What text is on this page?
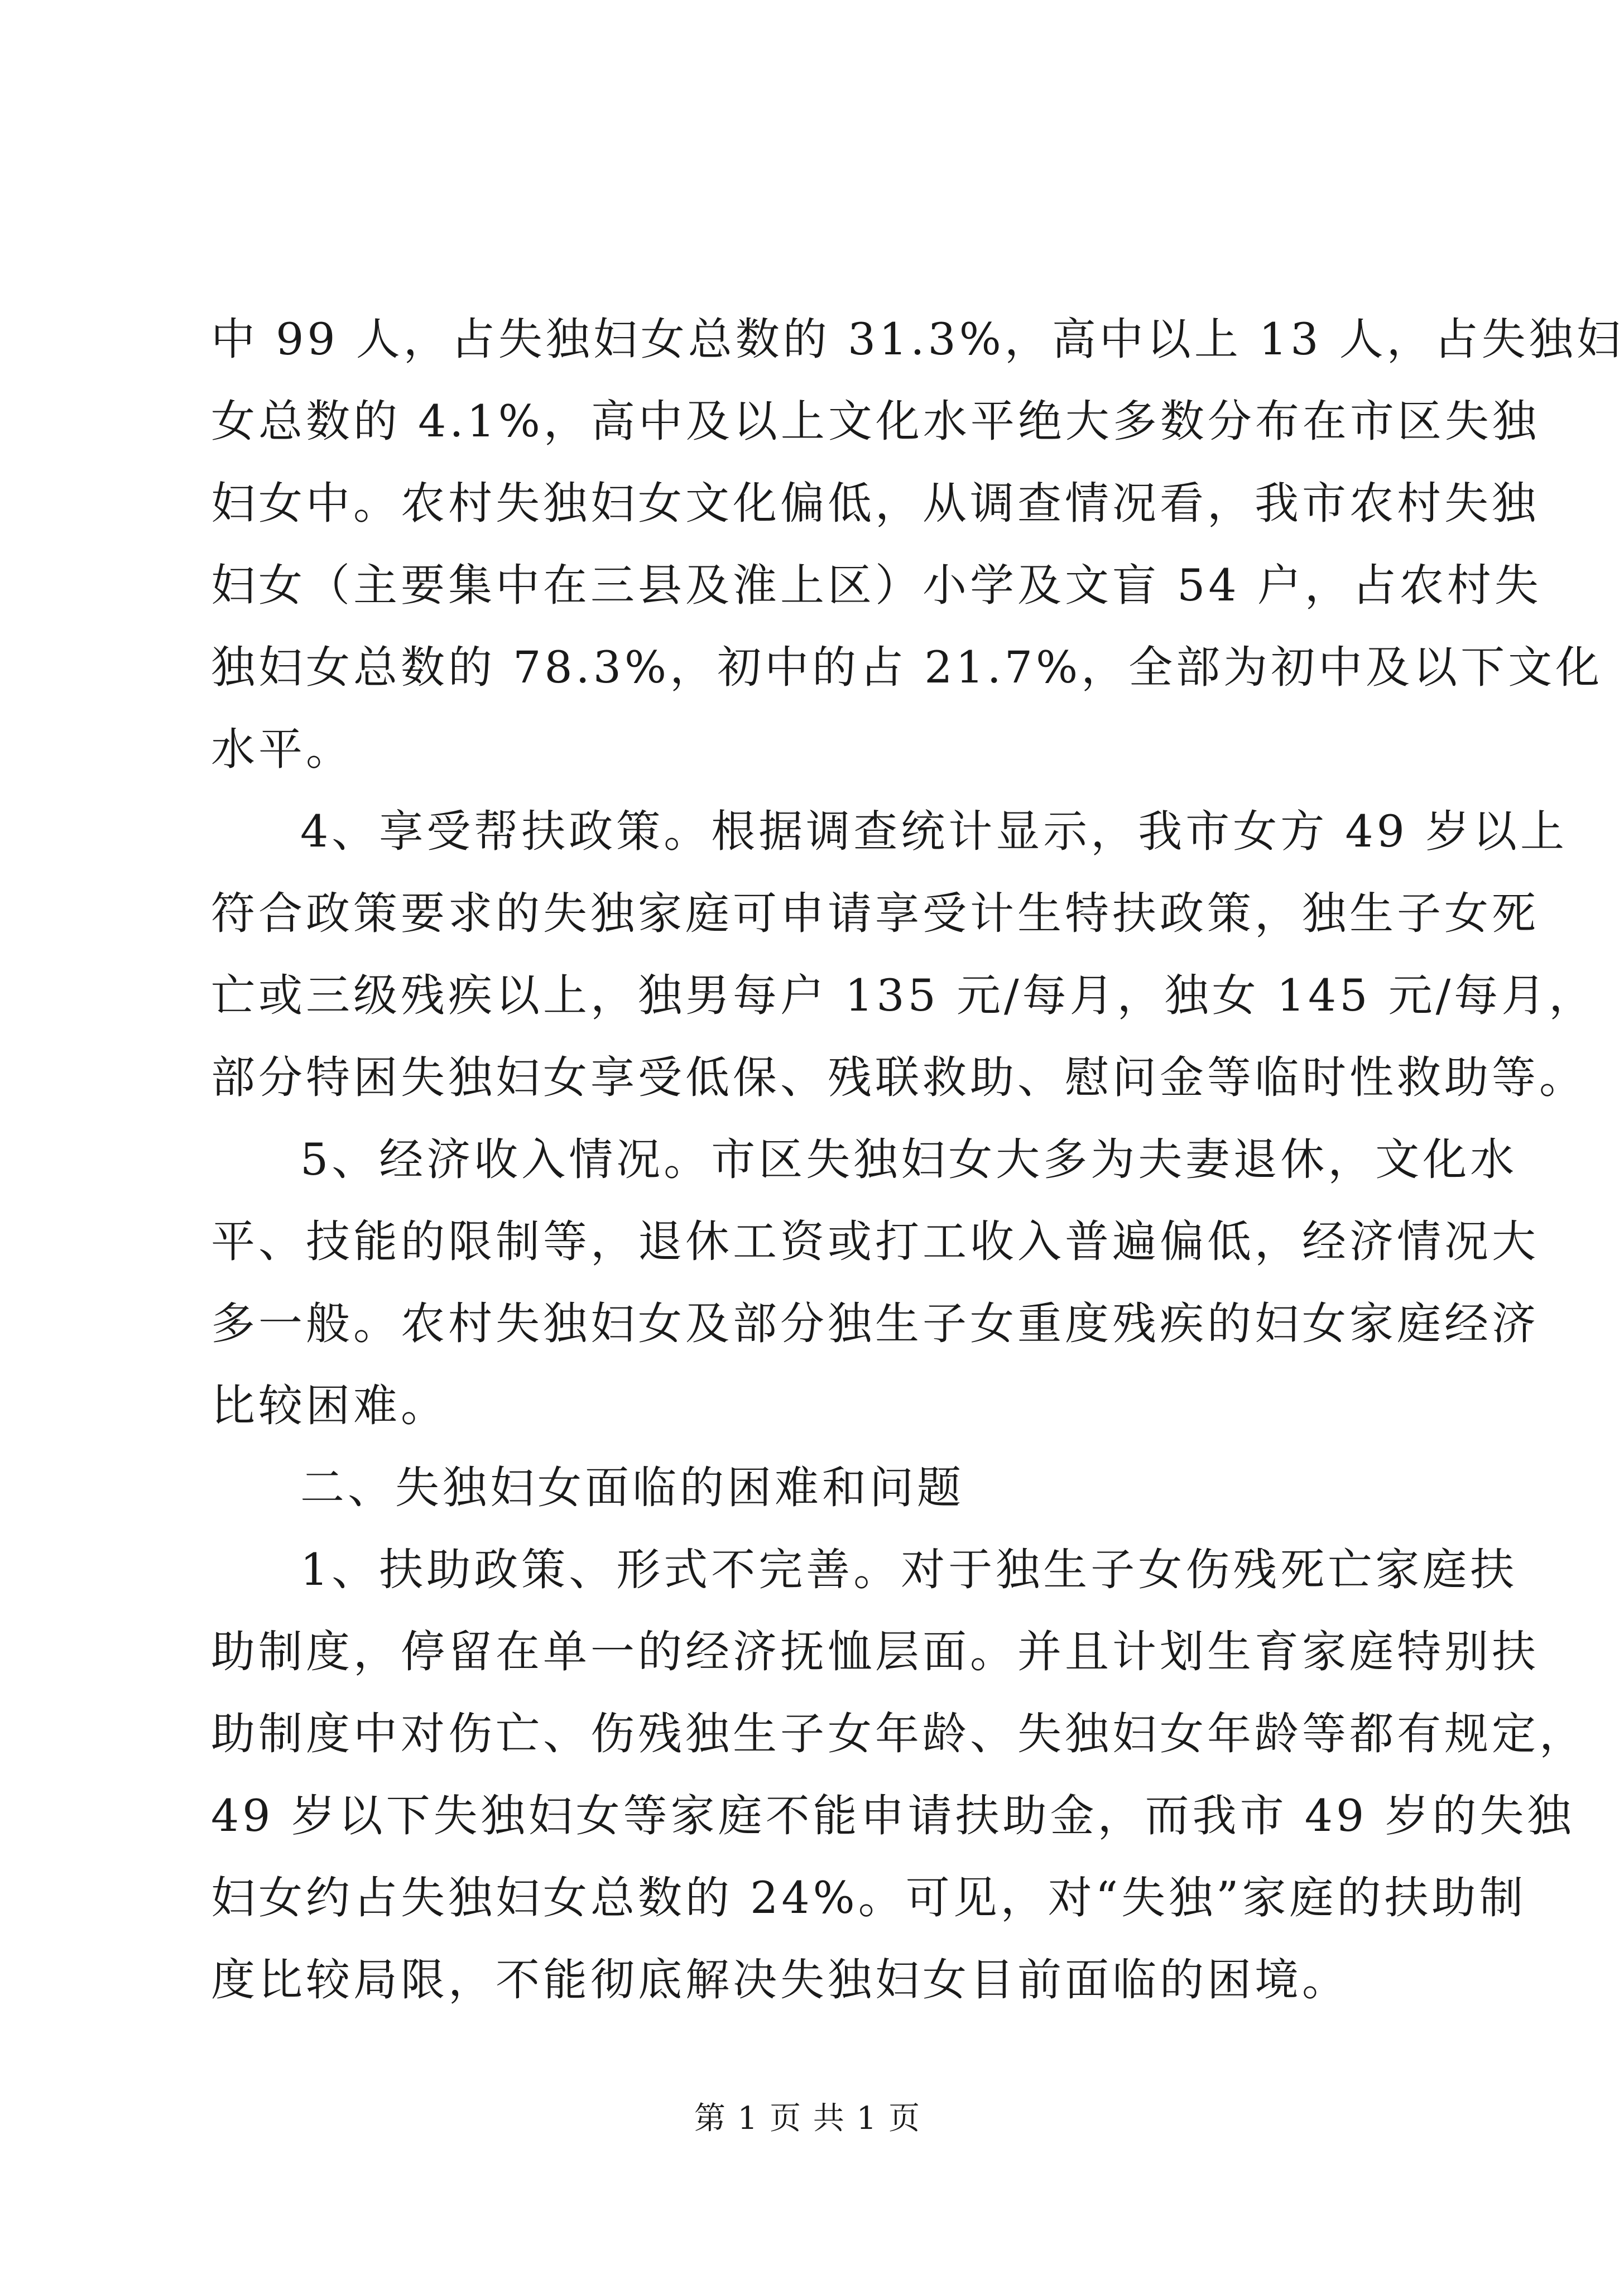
中 99 人，占失独妇女总数的 31.3%，高中以上 13 人，占失独妇
女总数的 4.1%，高中及以上文化水平绝大多数分布在市区失独
妇女中。农村失独妇女文化偏低，从调查情况看，我市农村失独
妇女（主要集中在三县及淮上区）小学及文盲 54 户，占农村失
独妇女总数的 78.3%，初中的占 21.7%，全部为初中及以下文化
水平。

4、享受帮扶政策。根据调查统计显示，我市女方 49 岁以上
符合政策要求的失独家庭可申请享受计生特扶政策，独生子女死
亡或三级残疾以上，独男每户 135 元/每月，独女 145 元/每月，
部分特困失独妇女享受低保、残联救助、慰问金等临时性救助等。

5、经济收入情况。市区失独妇女大多为夫妻退休，文化水
平、技能的限制等，退休工资或打工收入普遍偏低，经济情况大
多一般。农村失独妇女及部分独生子女重度残疾的妇女家庭经济
比较困难。

二、失独妇女面临的困难和问题

1、扶助政策、形式不完善。对于独生子女伤残死亡家庭扶
助制度，停留在单一的经济抚恤层面。并且计划生育家庭特别扶
助制度中对伤亡、伤残独生子女年龄、失独妇女年龄等都有规定，
49 岁以下失独妇女等家庭不能申请扶助金，而我市 49 岁的失独
妇女约占失独妇女总数的 24%。可见，对“失独”家庭的扶助制
度比较局限，不能彻底解决失独妇女目前面临的困境。

第 1 页 共 1 页
